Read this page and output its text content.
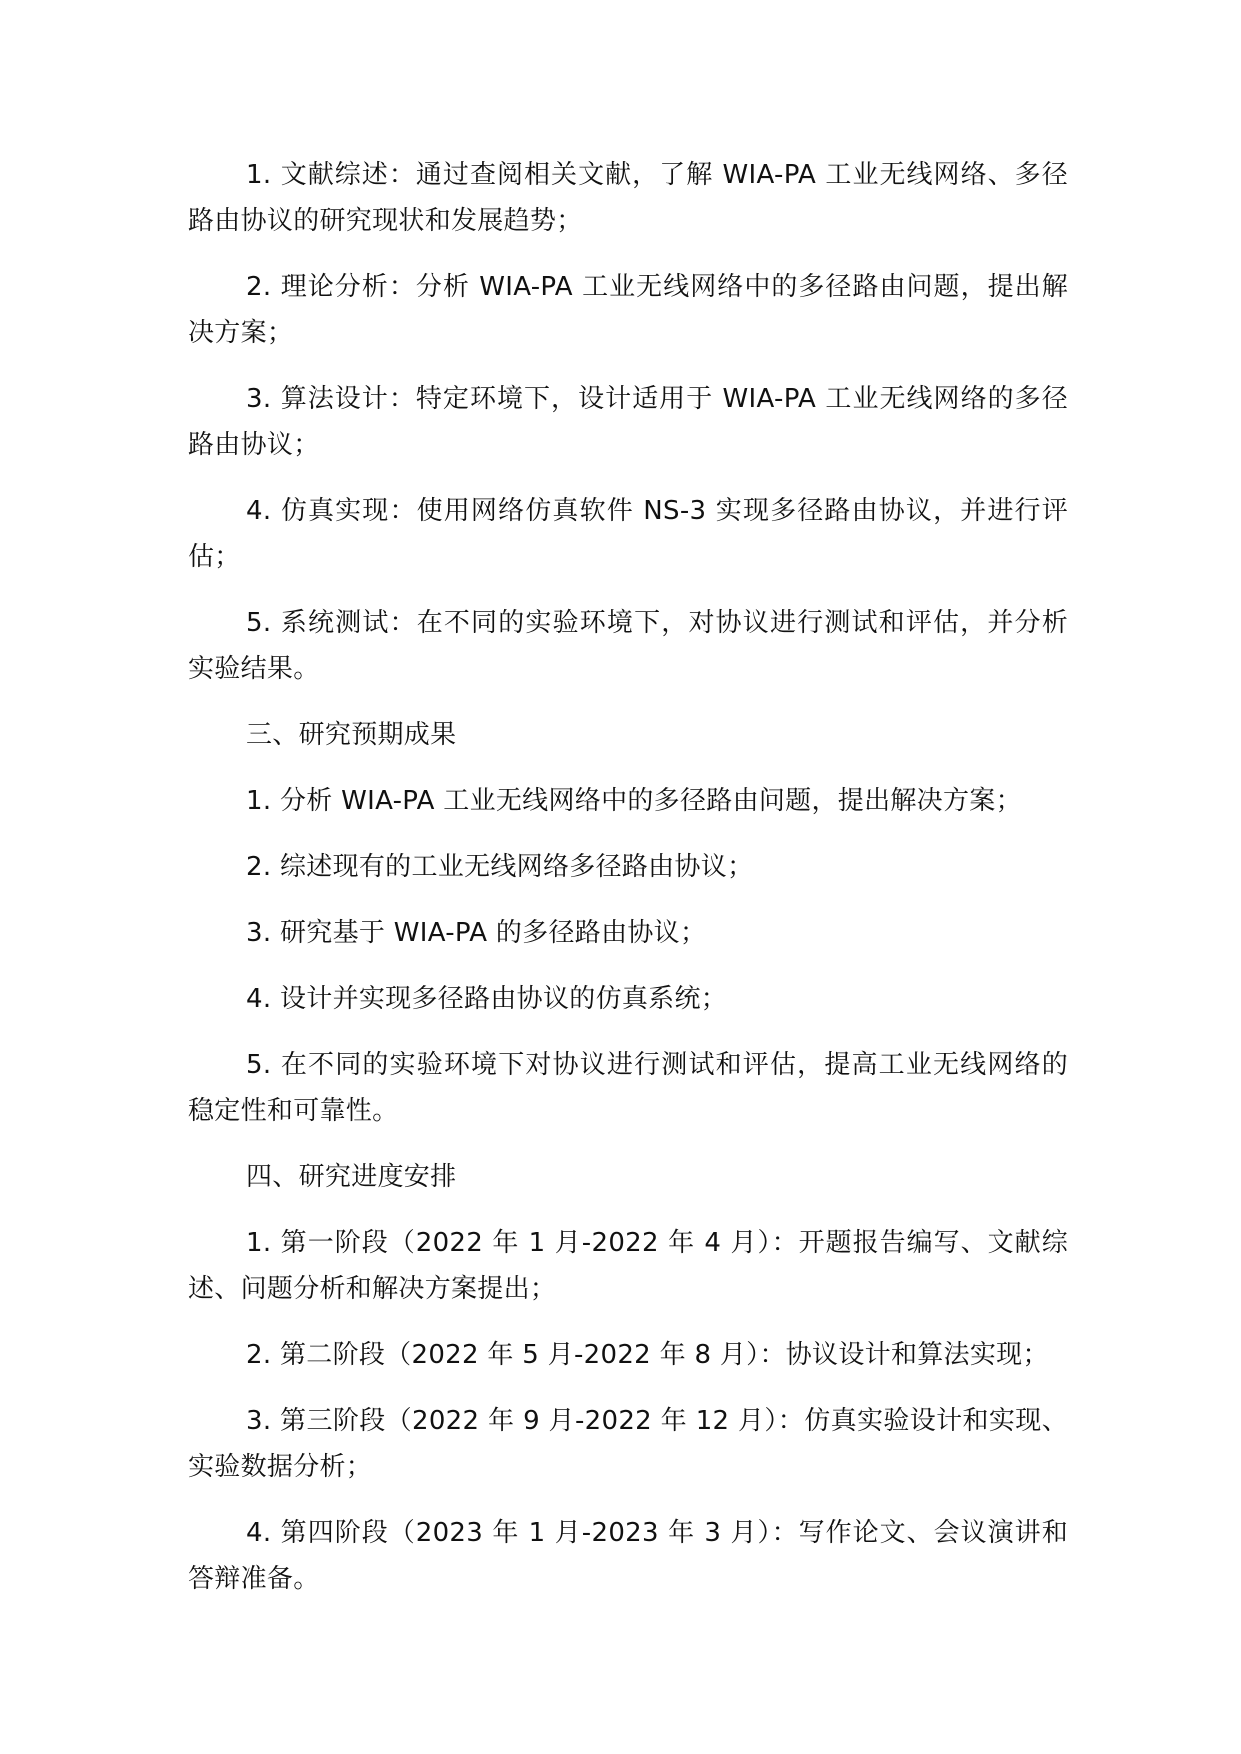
1. 文献综述：通过查阅相关文献，了解 WIA-PA 工业无线网络、多径路由协议的研究现状和发展趋势；

2. 理论分析：分析 WIA-PA 工业无线网络中的多径路由问题，提出解决方案；

3. 算法设计：特定环境下，设计适用于 WIA-PA 工业无线网络的多径路由协议；

4. 仿真实现：使用网络仿真软件 NS-3 实现多径路由协议，并进行评估；

5. 系统测试：在不同的实验环境下，对协议进行测试和评估，并分析实验结果。

三、研究预期成果

1. 分析 WIA-PA 工业无线网络中的多径路由问题，提出解决方案；

2. 综述现有的工业无线网络多径路由协议；

3. 研究基于 WIA-PA 的多径路由协议；

4. 设计并实现多径路由协议的仿真系统；

5. 在不同的实验环境下对协议进行测试和评估，提高工业无线网络的稳定性和可靠性。

四、研究进度安排

1. 第一阶段（2022 年 1 月-2022 年 4 月）：开题报告编写、文献综述、问题分析和解决方案提出；

2. 第二阶段（2022 年 5 月-2022 年 8 月）：协议设计和算法实现；

3. 第三阶段（2022 年 9 月-2022 年 12 月）：仿真实验设计和实现、实验数据分析；

4. 第四阶段（2023 年 1 月-2023 年 3 月）：写作论文、会议演讲和答辩准备。
